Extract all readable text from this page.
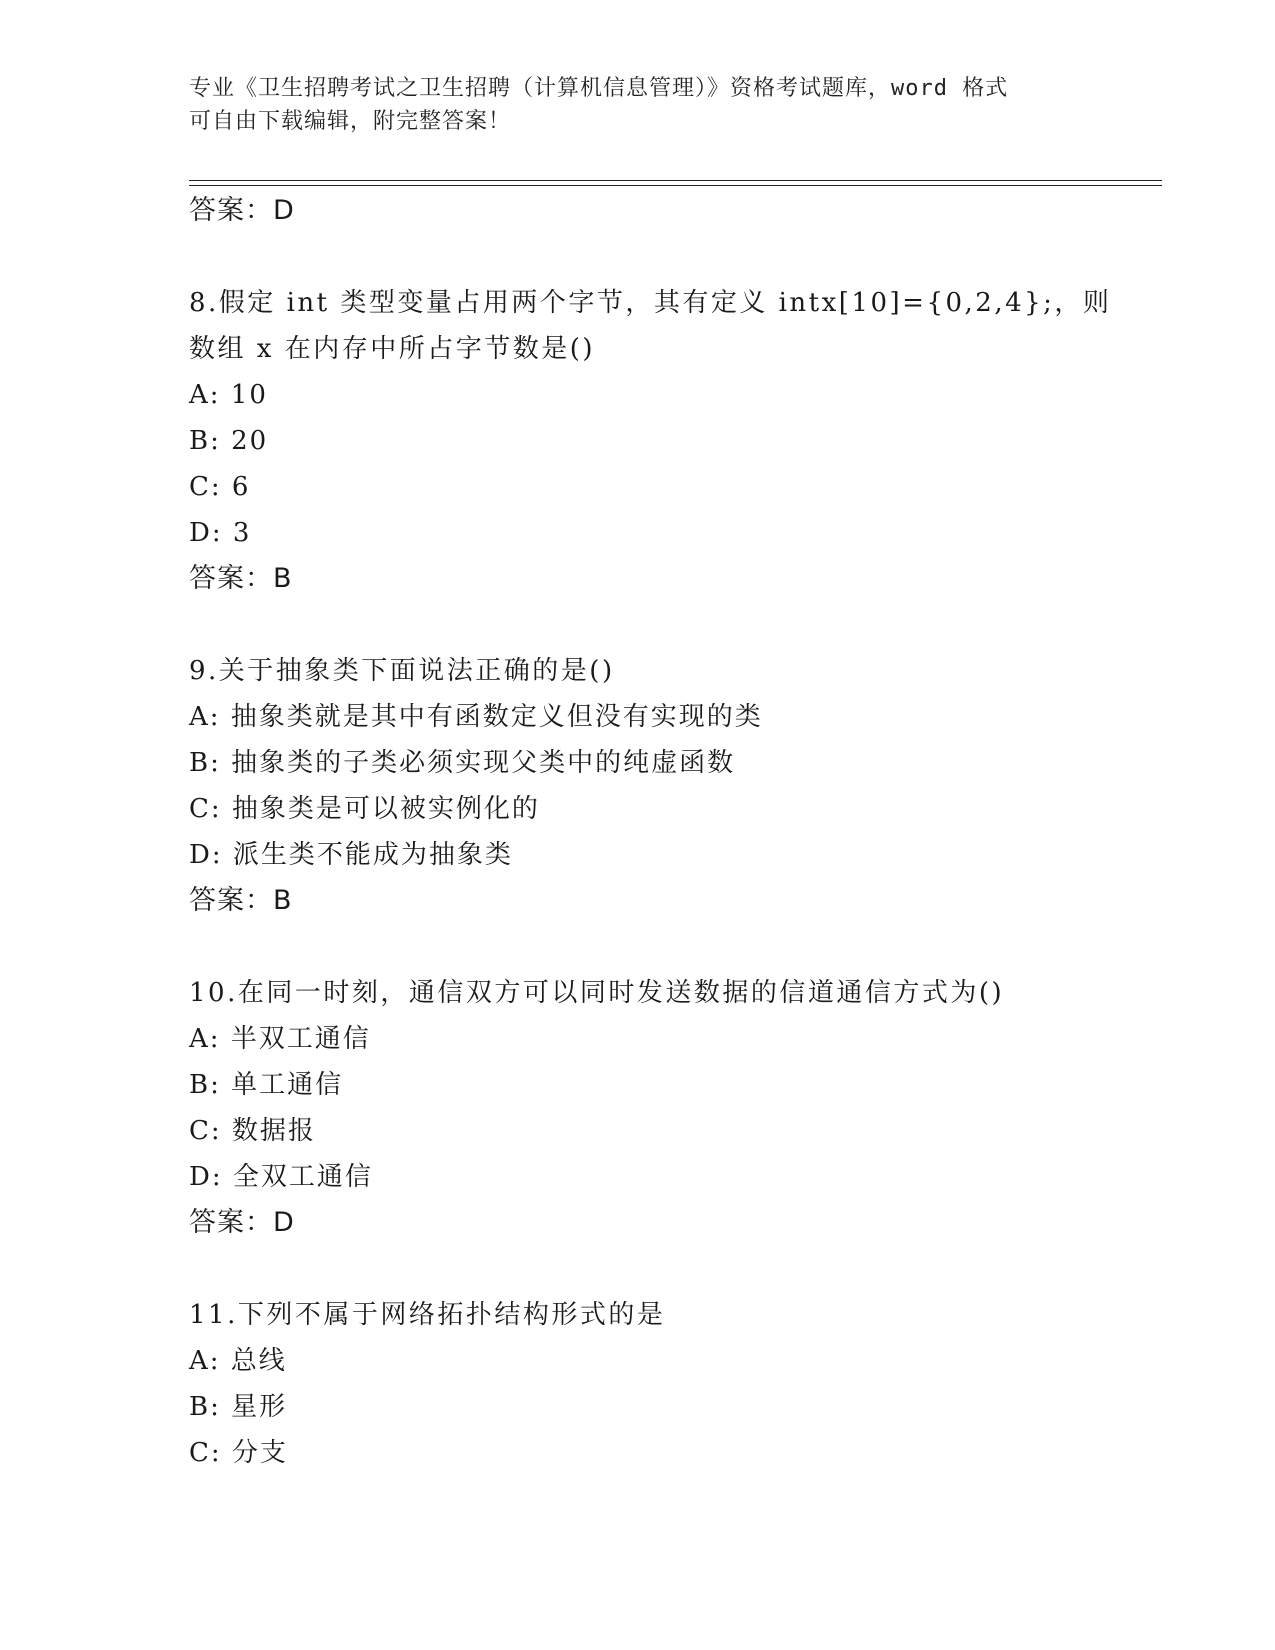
专业《卫生招聘考试之卫生招聘（计算机信息管理）》资格考试题库，word 格式
可自由下载编辑，附完整答案！
答案：D
8.假定 int 类型变量占用两个字节，其有定义 intx[10]={0,2,4};，则
数组 x 在内存中所占字节数是()
A: 10
B: 20
C: 6
D: 3
答案：B
9.关于抽象类下面说法正确的是()
A: 抽象类就是其中有函数定义但没有实现的类
B: 抽象类的子类必须实现父类中的纯虚函数
C: 抽象类是可以被实例化的
D: 派生类不能成为抽象类
答案：B
10.在同一时刻，通信双方可以同时发送数据的信道通信方式为()
A: 半双工通信
B: 单工通信
C: 数据报
D: 全双工通信
答案：D
11.下列不属于网络拓扑结构形式的是
A: 总线
B: 星形
C: 分支
